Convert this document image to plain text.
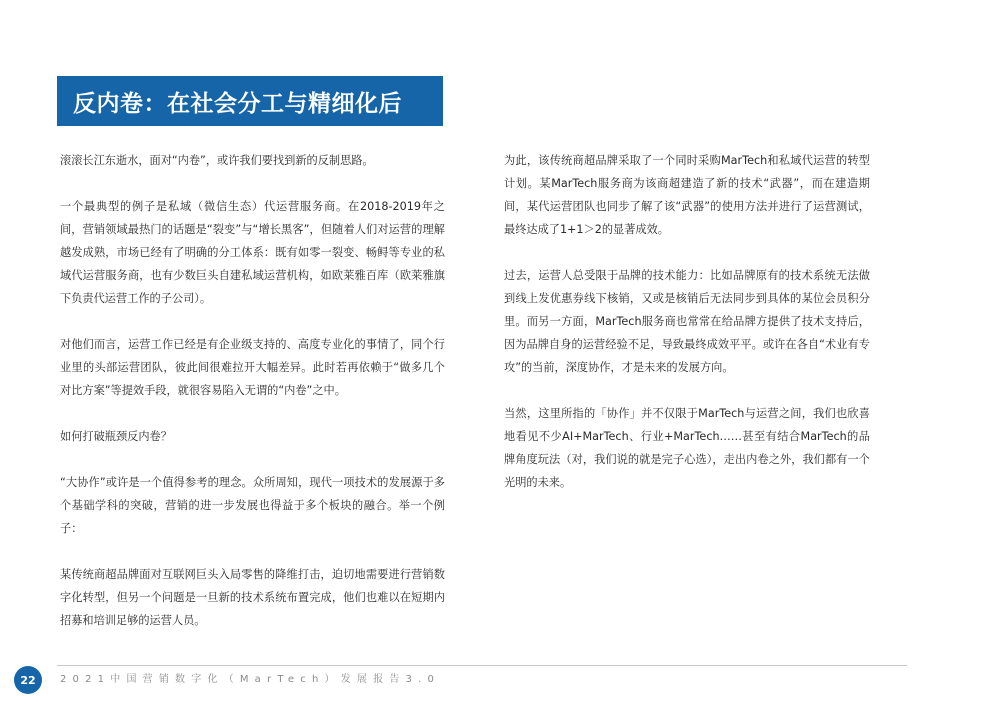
反内卷：在社会分工与精细化后

滚滚长江东逝水，面对“内卷”，或许我们要找到新的反制思路。

一个最典型的例子是私域（微信生态）代运营服务商。在2018-2019年之间，营销领域最热门的话题是“裂变”与“增长黑客”，但随着人们对运营的理解越发成熟，市场已经有了明确的分工体系：既有如零一裂变、畅鲟等专业的私域代运营服务商，也有少数巨头自建私域运营机构，如欧莱雅百库（欧莱雅旗下负责代运营工作的子公司）。

对他们而言，运营工作已经是有企业级支持的、高度专业化的事情了，同个行业里的头部运营团队，彼此间很难拉开大幅差异。此时若再依赖于“做多几个对比方案”等提效手段，就很容易陷入无谓的“内卷”之中。

如何打破瓶颈反内卷？

“大协作”或许是一个值得参考的理念。众所周知，现代一项技术的发展源于多个基础学科的突破，营销的进一步发展也得益于多个板块的融合。举一个例子：

某传统商超品牌面对互联网巨头入局零售的降维打击，迫切地需要进行营销数字化转型，但另一个问题是一旦新的技术系统布置完成，他们也难以在短期内招募和培训足够的运营人员。

为此，该传统商超品牌采取了一个同时采购MarTech和私域代运营的转型计划。某MarTech服务商为该商超建造了新的技术“武器”，而在建造期间，某代运营团队也同步了解了该“武器”的使用方法并进行了运营测试，最终达成了1+1＞2的显著成效。

过去，运营人总受限于品牌的技术能力：比如品牌原有的技术系统无法做到线上发优惠券线下核销，又或是核销后无法同步到具体的某位会员积分里。而另一方面，MarTech服务商也常常在给品牌方提供了技术支持后，因为品牌自身的运营经验不足，导致最终成效平平。或许在各自“术业有专攻”的当前，深度协作，才是未来的发展方向。

当然，这里所指的「协作」并不仅限于MarTech与运营之间，我们也欣喜地看见不少AI+MarTech、行业+MarTech……甚至有结合MarTech的品牌角度玩法（对，我们说的就是完子心选），走出内卷之外，我们都有一个光明的未来。

22	2021中国营销数字化（MarTech）发展报告3.0
